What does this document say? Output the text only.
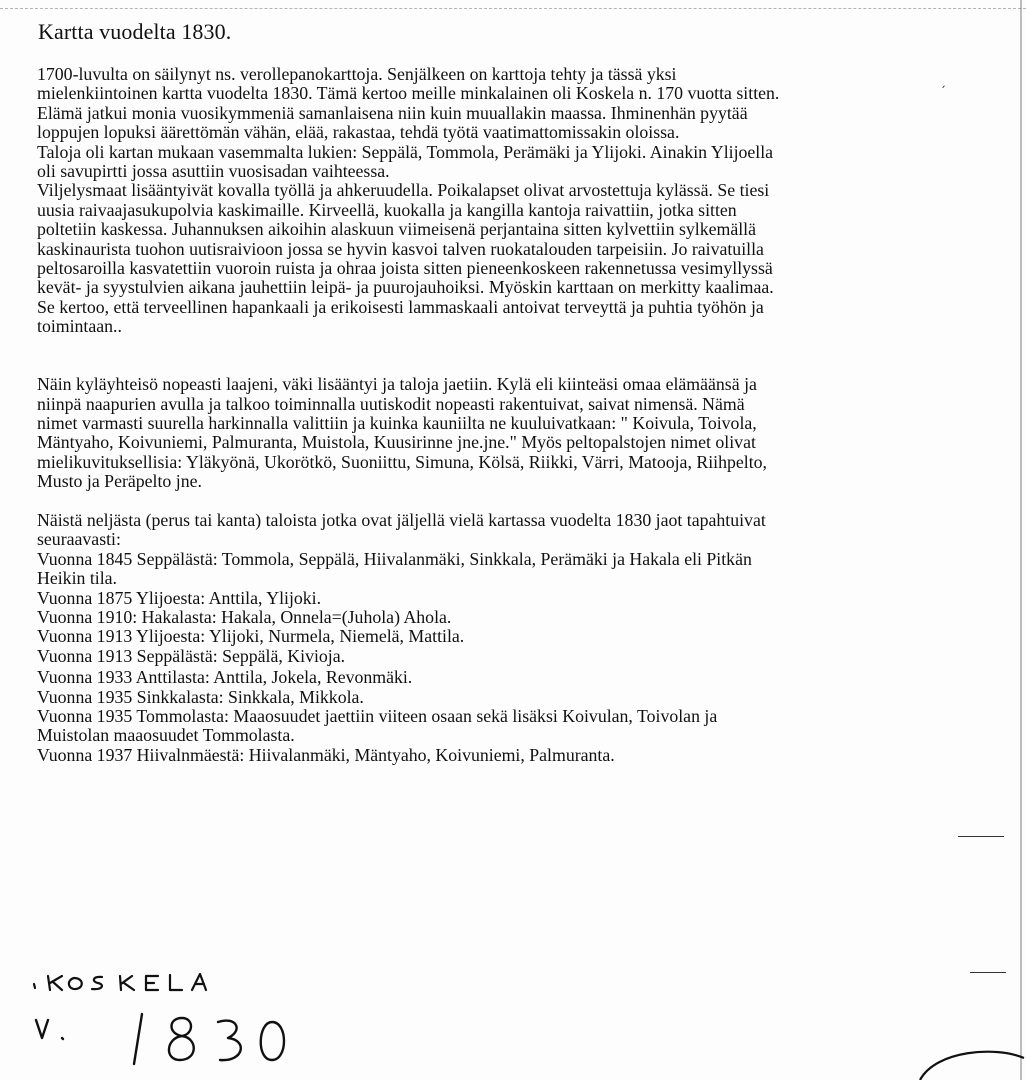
Kartta vuodelta 1830.
1700-luvulta on säilynyt ns. verollepanokarttoja. Senjälkeen on karttoja tehty ja tässä yksi
mielenkiintoinen kartta vuodelta 1830. Tämä kertoo meille minkalainen oli Koskela n. 170 vuotta sitten.
Elämä jatkui monia vuosikymmeniä samanlaisena niin kuin muuallakin maassa. Ihminenhän pyytää
loppujen lopuksi äärettömän vähän, elää, rakastaa, tehdä työtä vaatimattomissakin oloissa.
Taloja oli kartan mukaan vasemmalta lukien: Seppälä, Tommola, Perämäki ja Ylijoki. Ainakin Ylijoella
oli savupirtti jossa asuttiin vuosisadan vaihteessa.
Viljelysmaat lisääntyivät kovalla työllä ja ahkeruudella. Poikalapset olivat arvostettuja kylässä. Se tiesi
uusia raivaajasukupolvia kaskimaille. Kirveellä, kuokalla ja kangilla kantoja raivattiin, jotka sitten
poltetiin kaskessa. Juhannuksen aikoihin alaskuun viimeisenä perjantaina sitten kylvettiin sylkemällä
kaskinaurista tuohon uutisraivioon jossa se hyvin kasvoi talven ruokatalouden tarpeisiin. Jo raivatuilla
peltosaroilla kasvatettiin vuoroin ruista ja ohraa joista sitten pieneenkoskeen rakennetussa vesimyllyssä
kevät- ja syystulvien aikana jauhettiin leipä- ja puurojauhoiksi. Myöskin karttaan on merkitty kaalimaa.
Se kertoo, että terveellinen hapankaali ja erikoisesti lammaskaali antoivat terveyttä ja puhtia työhön ja
toimintaan..
Näin kyläyhteisö nopeasti laajeni, väki lisääntyi ja taloja jaetiin. Kylä eli kiinteäsi omaa elämäänsä ja
niinpä naapurien avulla ja talkoo toiminnalla uutiskodit nopeasti rakentuivat, saivat nimensä. Nämä
nimet varmasti suurella harkinnalla valittiin ja kuinka kauniilta ne kuuluivatkaan: " Koivula, Toivola,
Mäntyaho, Koivuniemi, Palmuranta, Muistola, Kuusirinne jne.jne." Myös peltopalstojen nimet olivat
mielikuvituksellisia: Yläkyönä, Ukorötkö, Suoniittu, Simuna, Kölsä, Riikki, Värri, Matooja, Riihpelto,
Musto ja Peräpelto jne.
Näistä neljästa (perus tai kanta) taloista jotka ovat jäljellä vielä kartassa vuodelta 1830 jaot tapahtuivat
seuraavasti:
Vuonna 1845 Seppälästä: Tommola, Seppälä, Hiivalanmäki, Sinkkala, Perämäki ja Hakala eli Pitkän
Heikin tila.
Vuonna 1875 Ylijoesta: Anttila, Ylijoki.
Vuonna 1910: Hakalasta: Hakala, Onnela=(Juhola) Ahola.
Vuonna 1913 Ylijoesta: Ylijoki, Nurmela, Niemelä, Mattila.
Vuonna 1913 Seppälästä: Seppälä, Kivioja.
Vuonna 1933 Anttilasta: Anttila, Jokela, Revonmäki.
Vuonna 1935 Sinkkalasta: Sinkkala, Mikkola.
Vuonna 1935 Tommolasta: Maaosuudet jaettiin viiteen osaan sekä lisäksi Koivulan, Toivolan ja
Muistolan maaosuudet Tommolasta.
Vuonna 1937 Hiivalnmäestä: Hiivalanmäki, Mäntyaho, Koivuniemi, Palmuranta.
ˏ
